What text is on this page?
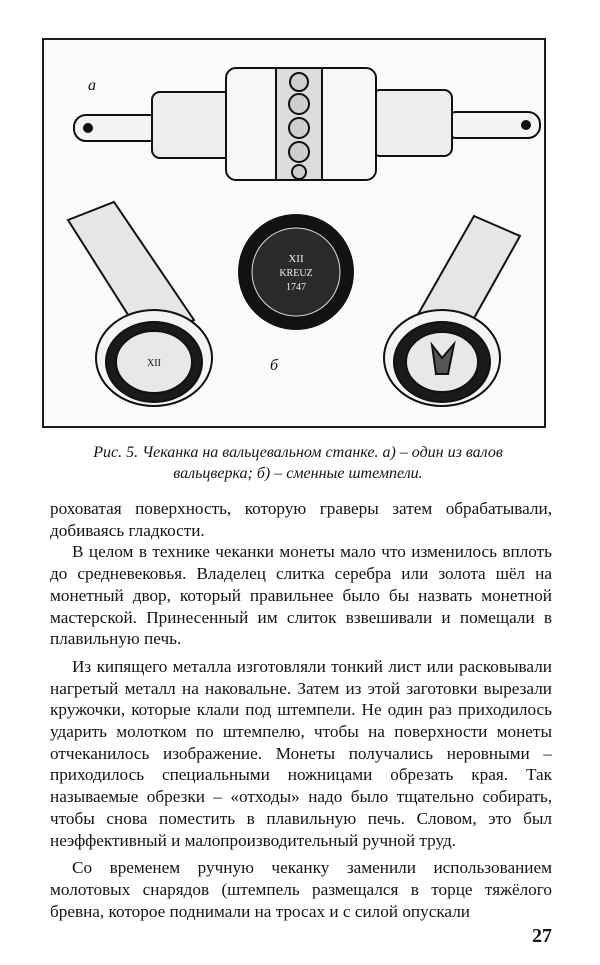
а
XII
XII
KREUZ
1747
б
Рис. 5. Чеканка на вальцевальном станке. а) – один из валов
вальцверка; б) – сменные штемпели.

роховатая поверхность, которую граверы затем обрабатывали, добиваясь гладкости.

В целом в технике чеканки монеты мало что изменилось вплоть до средневековья. Владелец слитка серебра или золота шёл на монетный двор, который правильнее было бы назвать монетной мастерской. Принесенный им слиток взвешивали и помещали в плавильную печь.

Из кипящего металла изготовляли тонкий лист или расковывали нагретый металл на наковальне. Затем из этой заготовки вырезали кружочки, которые клали под штемпели. Не один раз приходилось ударить молотком по штемпелю, чтобы на поверхности монеты отчеканилось изображение. Монеты получались неровными – приходилось специальными ножницами обрезать края. Так называемые обрезки – «отходы» надо было тщательно собирать, чтобы снова поместить в плавильную печь. Словом, это был неэффективный и малопроизводительный ручной труд.

Со временем ручную чеканку заменили использованием молотовых снарядов (штемпель размещался в торце тяжёлого бревна, которое поднимали на тросах и с силой опускали

27
